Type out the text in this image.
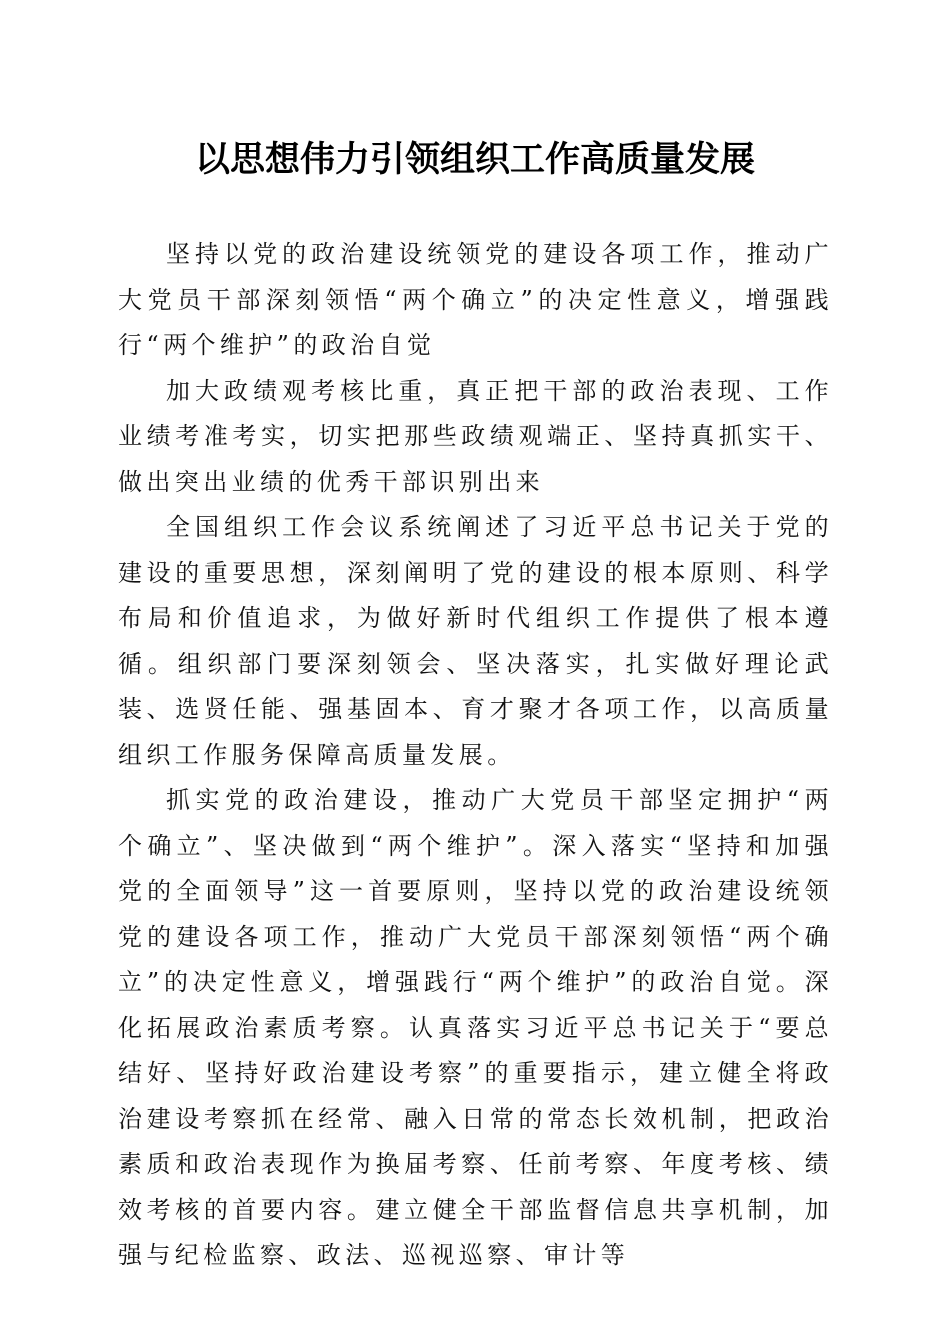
以思想伟力引领组织工作高质量发展

坚持以党的政治建设统领党的建设各项工作，推动广大党员干部深刻领悟“两个确立”的决定性意义，增强践行“两个维护”的政治自觉

加大政绩观考核比重，真正把干部的政治表现、工作业绩考准考实，切实把那些政绩观端正、坚持真抓实干、做出突出业绩的优秀干部识别出来

全国组织工作会议系统阐述了习近平总书记关于党的建设的重要思想，深刻阐明了党的建设的根本原则、科学布局和价值追求，为做好新时代组织工作提供了根本遵循。组织部门要深刻领会、坚决落实，扎实做好理论武装、选贤任能、强基固本、育才聚才各项工作，以高质量组织工作服务保障高质量发展。

抓实党的政治建设，推动广大党员干部坚定拥护“两个确立”、坚决做到“两个维护”。深入落实“坚持和加强党的全面领导”这一首要原则，坚持以党的政治建设统领党的建设各项工作，推动广大党员干部深刻领悟“两个确立”的决定性意义，增强践行“两个维护”的政治自觉。深化拓展政治素质考察。认真落实习近平总书记关于“要总结好、坚持好政治建设考察”的重要指示，建立健全将政治建设考察抓在经常、融入日常的常态长效机制，把政治素质和政治表现作为换届考察、任前考察、年度考核、绩效考核的首要内容。建立健全干部监督信息共享机制，加强与纪检监察、政法、巡视巡察、审计等
